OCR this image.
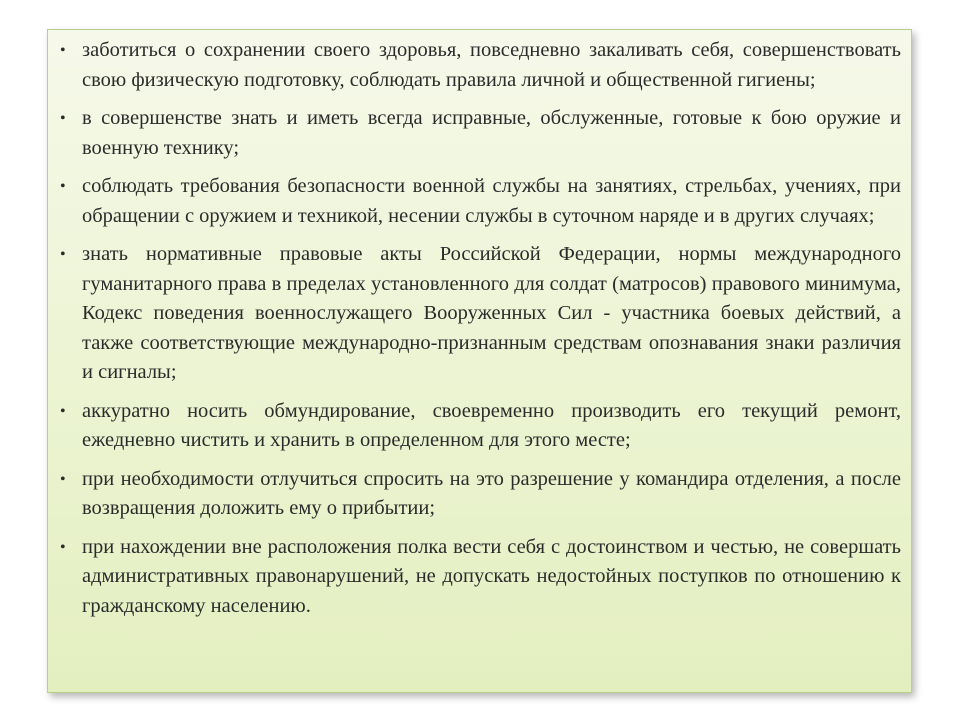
• заботиться о сохранении своего здоровья, повседневно закаливать себя, совершенствовать свою физическую подготовку, соблюдать правила личной и общественной гигиены;
• в совершенстве знать и иметь всегда исправные, обслуженные, готовые к бою оружие и военную технику;
• соблюдать требования безопасности военной службы на занятиях, стрельбах, учениях, при обращении с оружием и техникой, несении службы в суточном наряде и в других случаях;
• знать нормативные правовые акты Российской Федерации, нормы международного гуманитарного права в пределах установленного для солдат (матросов) правового минимума, Кодекс поведения военнослужащего Вооруженных Сил - участника боевых действий, а также соответствующие международно-признанным средствам опознавания знаки различия и сигналы;
• аккуратно носить обмундирование, своевременно производить его текущий ремонт, ежедневно чистить и хранить в определенном для этого месте;
• при необходимости отлучиться спросить на это разрешение у командира отделения, а после возвращения доложить ему о прибытии;
• при нахождении вне расположения полка вести себя с достоинством и честью, не совершать административных правонарушений, не допускать недостойных поступков по отношению к гражданскому населению.
